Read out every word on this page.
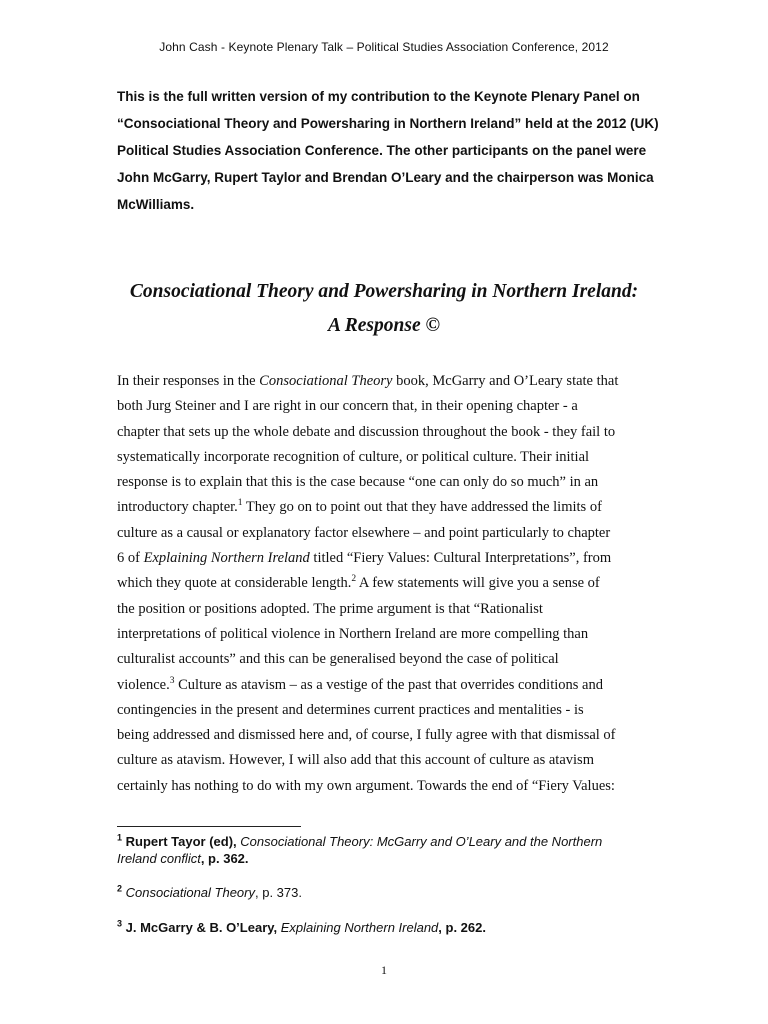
John Cash - Keynote Plenary Talk – Political Studies Association Conference, 2012

This is the full written version of my contribution to the Keynote Plenary Panel on
“Consociational Theory and Powersharing in Northern Ireland” held at the 2012 (UK)
Political Studies Association Conference. The other participants on the panel were
John McGarry, Rupert Taylor and Brendan O’Leary and the chairperson was Monica
McWilliams.

Consociational Theory and Powersharing in Northern Ireland:
A Response ©

In their responses in the Consociational Theory book, McGarry and O’Leary state that
both Jurg Steiner and I are right in our concern that, in their opening chapter - a
chapter that sets up the whole debate and discussion throughout the book - they fail to
systematically incorporate recognition of culture, or political culture. Their initial
response is to explain that this is the case because “one can only do so much” in an
introductory chapter.$^1$ They go on to point out that they have addressed the limits of
culture as a causal or explanatory factor elsewhere – and point particularly to chapter
6 of Explaining Northern Ireland titled “Fiery Values: Cultural Interpretations”, from
which they quote at considerable length.$^2$ A few statements will give you a sense of
the position or positions adopted. The prime argument is that “Rationalist
interpretations of political violence in Northern Ireland are more compelling than
culturalist accounts” and this can be generalised beyond the case of political
violence.$^3$ Culture as atavism – as a vestige of the past that overrides conditions and
contingencies in the present and determines current practices and mentalities - is
being addressed and dismissed here and, of course, I fully agree with that dismissal of
culture as atavism. However, I will also add that this account of culture as atavism
certainly has nothing to do with my own argument. Towards the end of “Fiery Values:

$^1$ Rupert Tayor (ed), Consociational Theory: McGarry and O’Leary and the Northern Ireland conflict, p. 362.

$^2$ Consociational Theory, p. 373.

$^3$ J. McGarry & B. O’Leary, Explaining Northern Ireland, p. 262.

1
